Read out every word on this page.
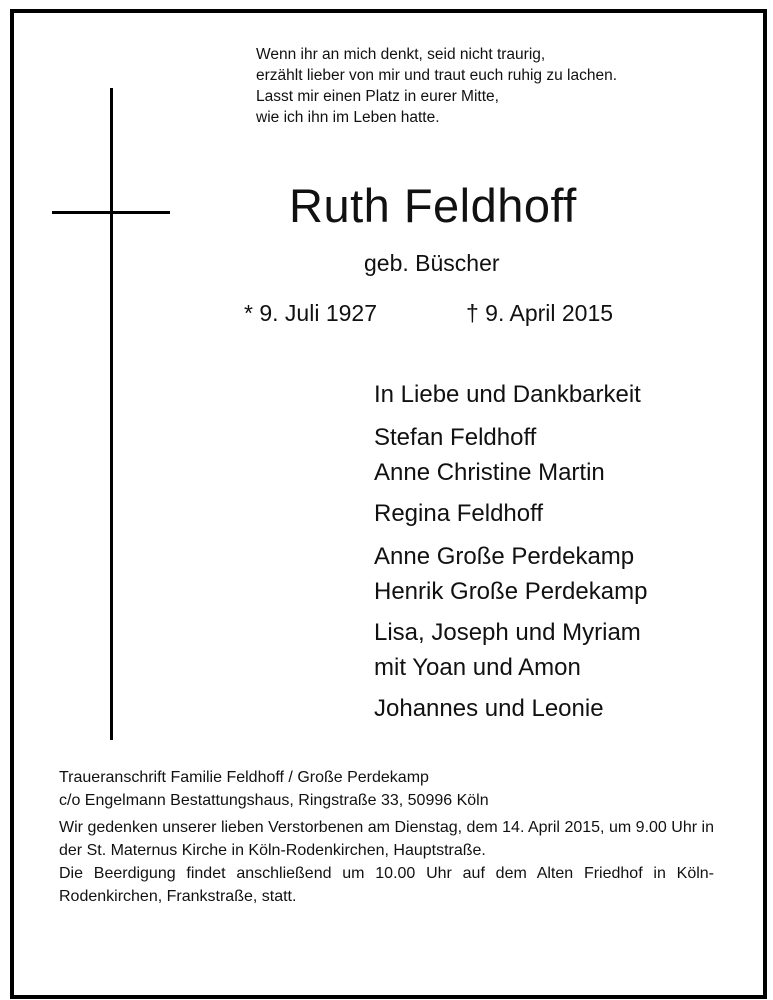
Wenn ihr an mich denkt, seid nicht traurig,
erzählt lieber von mir und traut euch ruhig zu lachen.
Lasst mir einen Platz in eurer Mitte,
wie ich ihn im Leben hatte.
Ruth Feldhoff
geb. Büscher
* 9. Juli 1927	† 9. April 2015
In Liebe und Dankbarkeit
Stefan Feldhoff
Anne Christine Martin
Regina Feldhoff
Anne Große Perdekamp
Henrik Große Perdekamp
Lisa, Joseph und Myriam
mit Yoan und Amon
Johannes und Leonie
Traueranschrift Familie Feldhoff / Große Perdekamp
c/o Engelmann Bestattungshaus, Ringstraße 33, 50996 Köln

Wir gedenken unserer lieben Verstorbenen am Dienstag, dem 14. April 2015, um 9.00 Uhr in der St. Maternus Kirche in Köln-Rodenkirchen, Hauptstraße.

Die Beerdigung findet anschließend um 10.00 Uhr auf dem Alten Friedhof in Köln-Rodenkirchen, Frankstraße, statt.
